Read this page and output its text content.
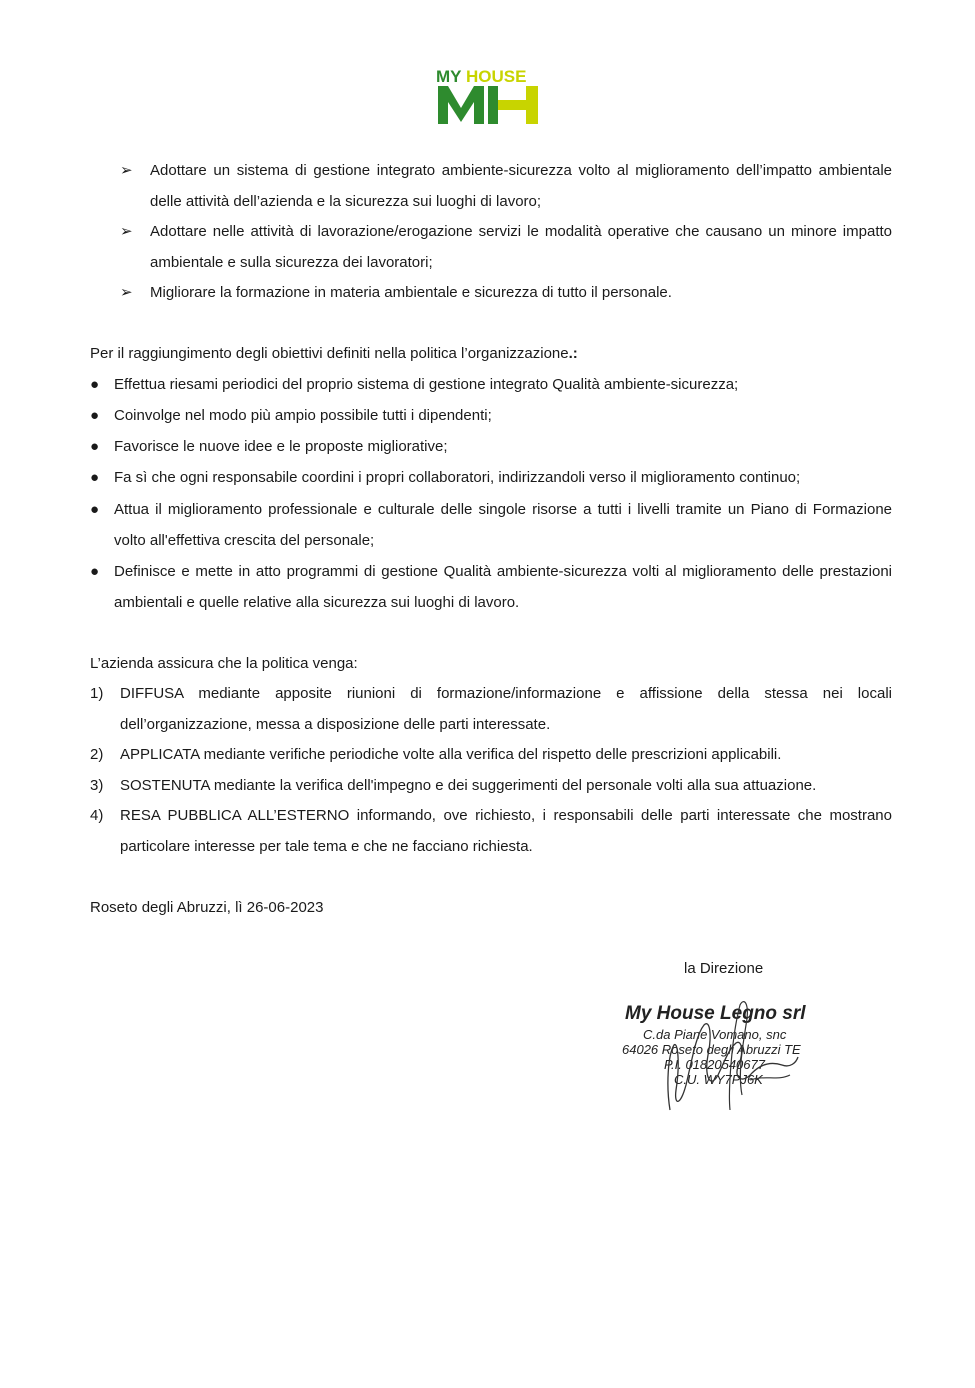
MY HOUSE
➢ Adottare un sistema di gestione integrato ambiente-sicurezza volto al miglioramento dell’impatto ambientale
delle attività dell’azienda e la sicurezza sui luoghi di lavoro;
➢ Adottare nelle attività di lavorazione/erogazione servizi le modalità operative che causano un minore impatto
ambientale e sulla sicurezza dei lavoratori;
➢ Migliorare la formazione in materia ambientale e sicurezza di tutto il personale.
Per il raggiungimento degli obiettivi definiti nella politica l’organizzazione.:
● Effettua riesami periodici del proprio sistema di gestione integrato Qualità ambiente-sicurezza;
● Coinvolge nel modo più ampio possibile tutti i dipendenti;
● Favorisce le nuove idee e le proposte migliorative;
● Fa sì che ogni responsabile coordini i propri collaboratori, indirizzandoli verso il miglioramento continuo;
● Attua il miglioramento professionale e culturale delle singole risorse a tutti i livelli tramite un Piano di Formazione
volto all'effettiva crescita del personale;
● Definisce e mette in atto programmi di gestione Qualità ambiente-sicurezza volti al miglioramento delle prestazioni
ambientali e quelle relative alla sicurezza sui luoghi di lavoro.
L’azienda assicura che la politica venga:
1) DIFFUSA mediante apposite riunioni di formazione/informazione e affissione della stessa nei locali
dell’organizzazione, messa a disposizione delle parti interessate.
2) APPLICATA mediante verifiche periodiche volte alla verifica del rispetto delle prescrizioni applicabili.
3) SOSTENUTA mediante la verifica dell'impegno e dei suggerimenti del personale volti alla sua attuazione.
4) RESA PUBBLICA ALL’ESTERNO informando, ove richiesto, i responsabili delle parti interessate che mostrano
particolare interesse per tale tema e che ne facciano richiesta.
Roseto degli Abruzzi, lì 26-06-2023
la Direzione
My House Legno srl
C.da Piane Vomano, snc
64026 Roseto degli Abruzzi TE
P.I. 01820540677
C.U. WY7PJ6K
